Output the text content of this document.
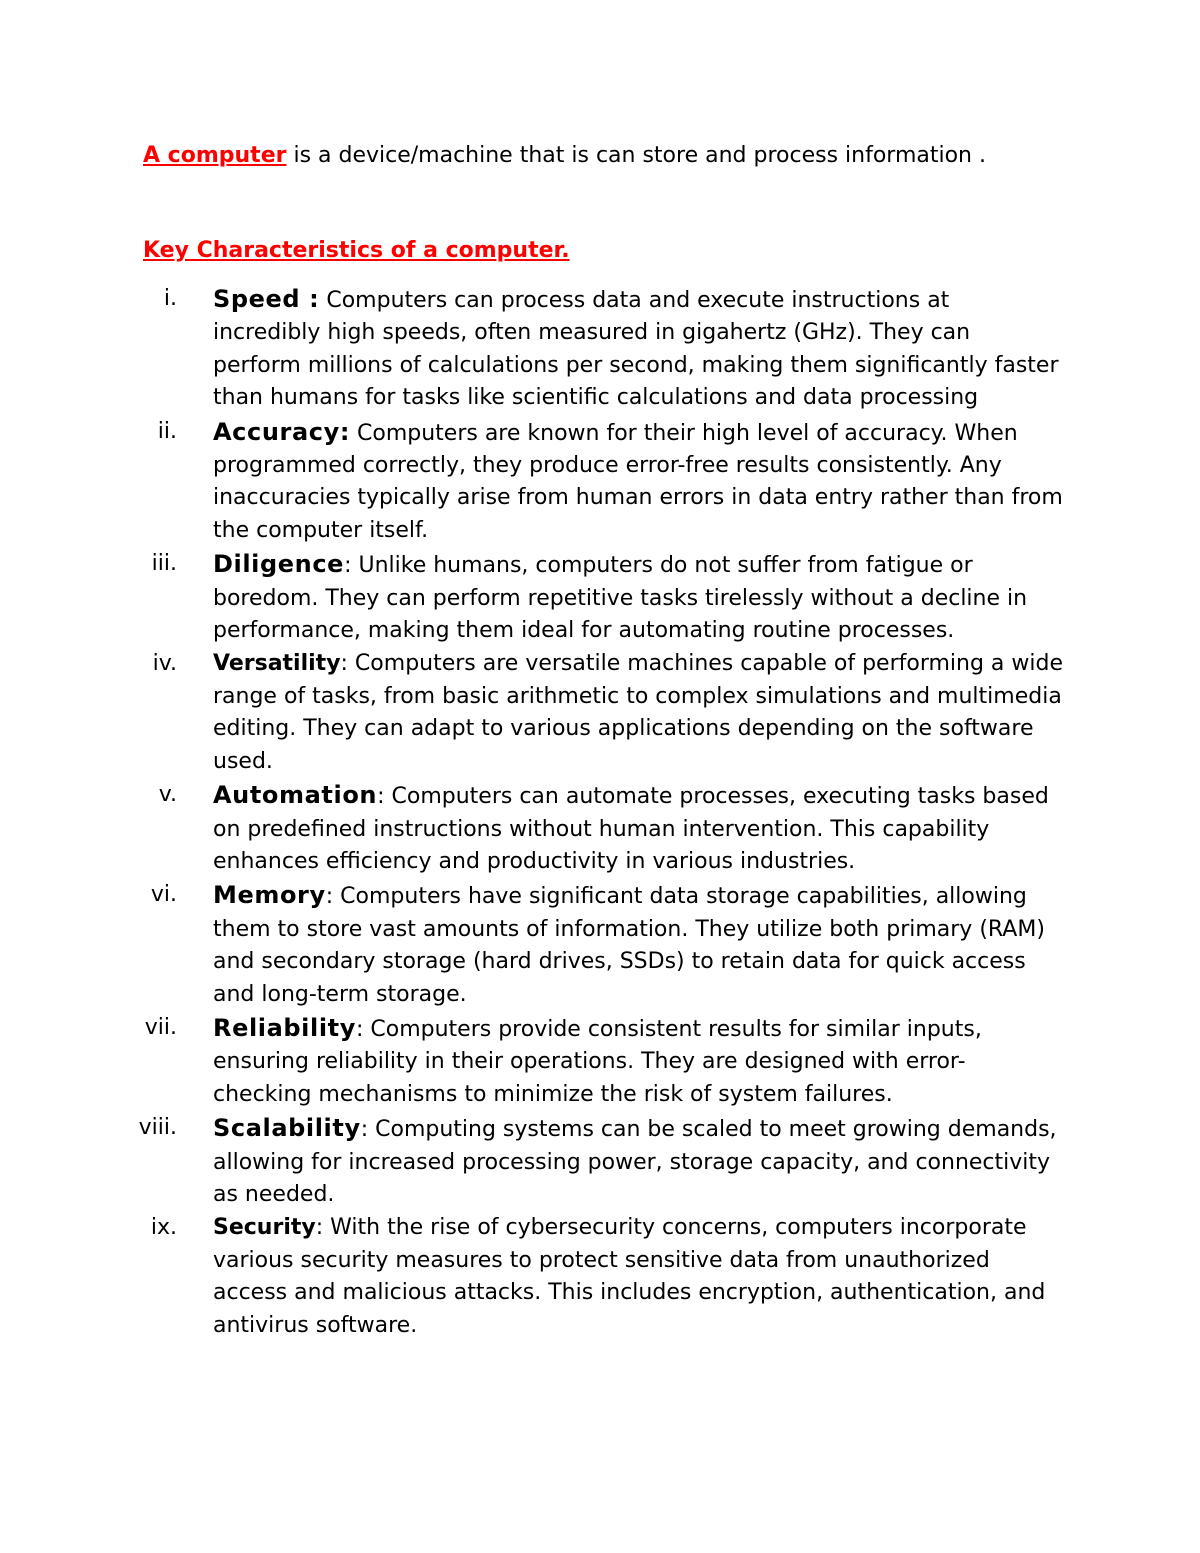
A computer is a device/machine that is can store and process information .

Key Characteristics of a computer.

i. Speed : Computers can process data and execute instructions at incredibly high speeds, often measured in gigahertz (GHz). They can perform millions of calculations per second, making them significantly faster than humans for tasks like scientific calculations and data processing
ii. Accuracy: Computers are known for their high level of accuracy. When programmed correctly, they produce error-free results consistently. Any inaccuracies typically arise from human errors in data entry rather than from the computer itself.
iii. Diligence: Unlike humans, computers do not suffer from fatigue or boredom. They can perform repetitive tasks tirelessly without a decline in performance, making them ideal for automating routine processes.
iv. Versatility: Computers are versatile machines capable of performing a wide range of tasks, from basic arithmetic to complex simulations and multimedia editing. They can adapt to various applications depending on the software used.
v. Automation: Computers can automate processes, executing tasks based on predefined instructions without human intervention. This capability enhances efficiency and productivity in various industries.
vi. Memory: Computers have significant data storage capabilities, allowing them to store vast amounts of information. They utilize both primary (RAM) and secondary storage (hard drives, SSDs) to retain data for quick access and long-term storage.
vii. Reliability: Computers provide consistent results for similar inputs, ensuring reliability in their operations. They are designed with error-checking mechanisms to minimize the risk of system failures.
viii. Scalability: Computing systems can be scaled to meet growing demands, allowing for increased processing power, storage capacity, and connectivity as needed.
ix. Security: With the rise of cybersecurity concerns, computers incorporate various security measures to protect sensitive data from unauthorized access and malicious attacks. This includes encryption, authentication, and antivirus software.
